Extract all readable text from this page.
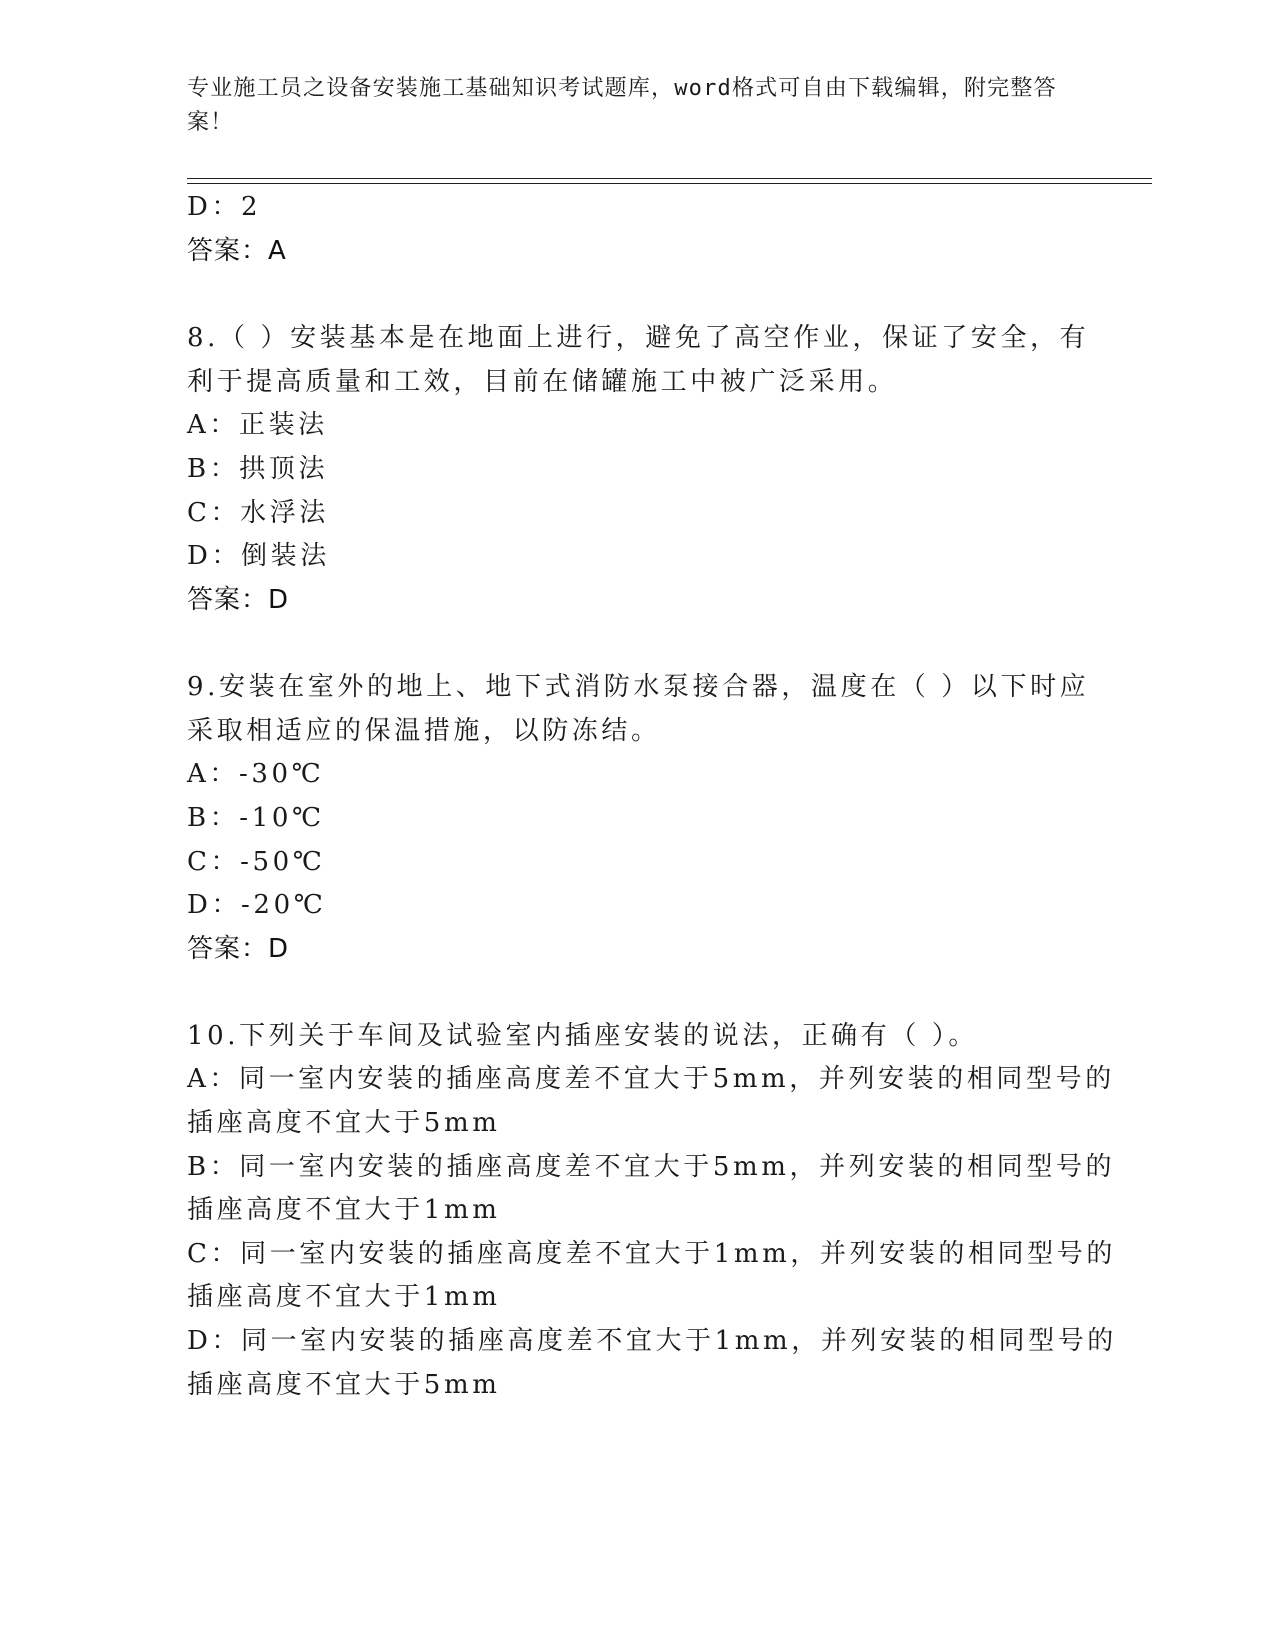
专业施工员之设备安装施工基础知识考试题库，word格式可自由下载编辑，附完整答案！
D：2
答案：A
8.（ ）安装基本是在地面上进行，避免了高空作业，保证了安全，有
利于提高质量和工效，目前在储罐施工中被广泛采用。
A：正装法
B：拱顶法
C：水浮法
D：倒装法
答案：D
9.安装在室外的地上、地下式消防水泵接合器，温度在（ ）以下时应
采取相适应的保温措施，以防冻结。
A：-30℃
B：-10℃
C：-50℃
D：-20℃
答案：D
10.下列关于车间及试验室内插座安装的说法，正确有（ ）。
A：同一室内安装的插座高度差不宜大于5mm，并列安装的相同型号的
插座高度不宜大于5mm
B：同一室内安装的插座高度差不宜大于5mm，并列安装的相同型号的
插座高度不宜大于1mm
C：同一室内安装的插座高度差不宜大于1mm，并列安装的相同型号的
插座高度不宜大于1mm
D：同一室内安装的插座高度差不宜大于1mm，并列安装的相同型号的
插座高度不宜大于5mm
